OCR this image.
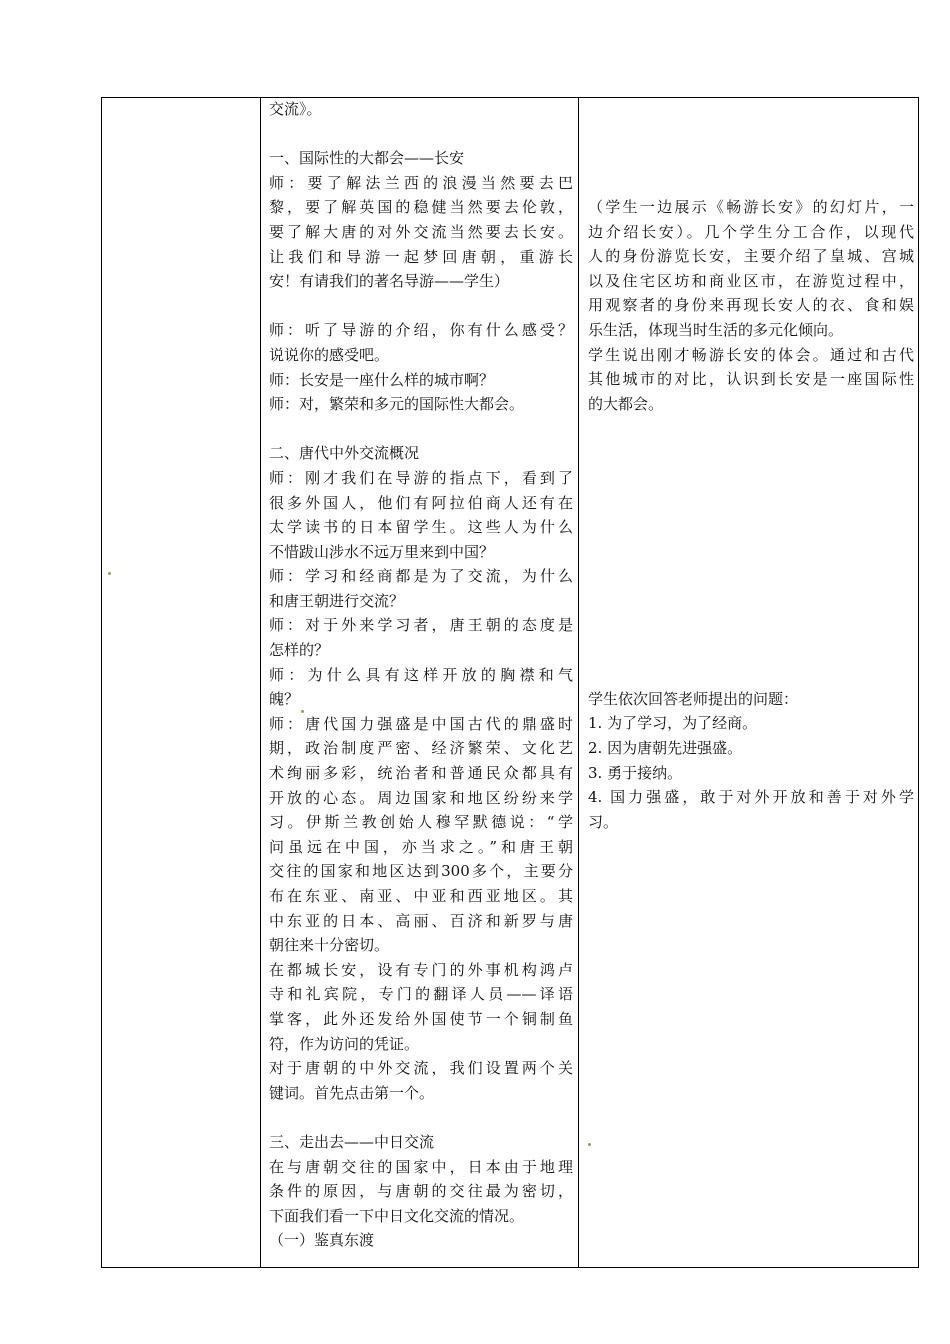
交流》。
一、国际性的大都会——长安
师：要了解法兰西的浪漫当然要去巴
黎，要了解英国的稳健当然要去伦敦，
要了解大唐的对外交流当然要去长安。
让我们和导游一起梦回唐朝，重游长
安！有请我们的著名导游——学生）
师：听了导游的介绍，你有什么感受？
说说你的感受吧。
师：长安是一座什么样的城市啊？
师：对，繁荣和多元的国际性大都会。
二、唐代中外交流概况
师：刚才我们在导游的指点下，看到了
很多外国人，他们有阿拉伯商人还有在
太学读书的日本留学生。这些人为什么
不惜跋山涉水不远万里来到中国？
师：学习和经商都是为了交流，为什么
和唐王朝进行交流？
师：对于外来学习者，唐王朝的态度是
怎样的？
师：为什么具有这样开放的胸襟和气
魄？
师：唐代国力强盛是中国古代的鼎盛时
期，政治制度严密、经济繁荣、文化艺
术绚丽多彩，统治者和普通民众都具有
开放的心态。周边国家和地区纷纷来学
习。伊斯兰教创始人穆罕默德说：“学
问虽远在中国，亦当求之。”和唐王朝
交往的国家和地区达到300多个，主要分
布在东亚、南亚、中亚和西亚地区。其
中东亚的日本、高丽、百济和新罗与唐
朝往来十分密切。
在都城长安，设有专门的外事机构鸿卢
寺和礼宾院，专门的翻译人员——译语
掌客，此外还发给外国使节一个铜制鱼
符，作为访问的凭证。
对于唐朝的中外交流，我们设置两个关
键词。首先点击第一个。
三、走出去——中日交流
在与唐朝交往的国家中，日本由于地理
条件的原因，与唐朝的交往最为密切，
下面我们看一下中日文化交流的情况。
（一）鉴真东渡
（学生一边展示《畅游长安》的幻灯片，一
边介绍长安）。几个学生分工合作，以现代
人的身份游览长安，主要介绍了皇城、宫城
以及住宅区坊和商业区市，在游览过程中，
用观察者的身份来再现长安人的衣、食和娱
乐生活，体现当时生活的多元化倾向。
学生说出刚才畅游长安的体会。通过和古代
其他城市的对比，认识到长安是一座国际性
的大都会。
学生依次回答老师提出的问题：
1. 为了学习，为了经商。
2. 因为唐朝先进强盛。
3. 勇于接纳。
4. 国力强盛，敢于对外开放和善于对外学
习。
